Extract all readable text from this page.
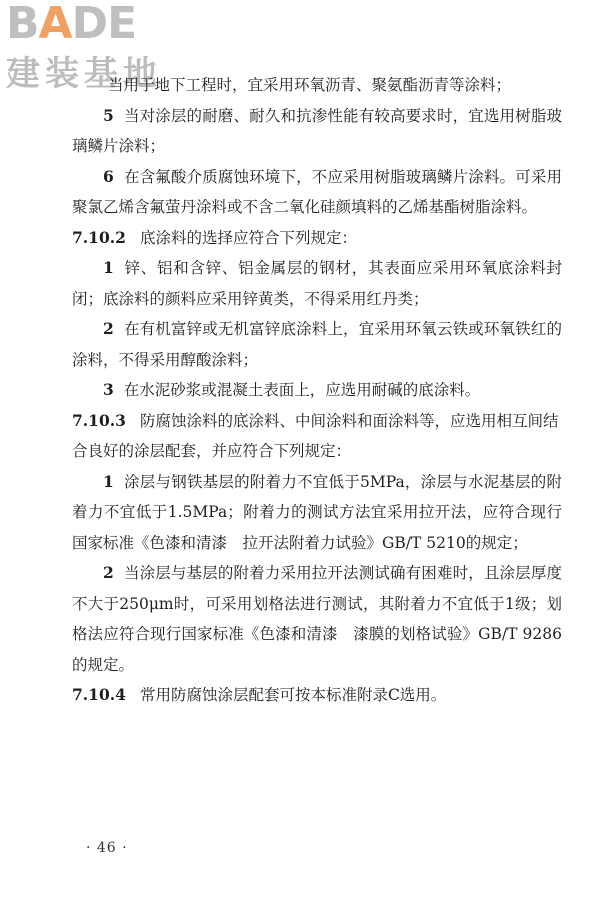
BADE
建装基地

当用于地下工程时，宜采用环氧沥青、聚氨酯沥青等涂料；

5 当对涂层的耐磨、耐久和抗渗性能有较高要求时，宜选用树脂玻璃鳞片涂料；

6 在含氟酸介质腐蚀环境下，不应采用树脂玻璃鳞片涂料。可采用聚氯乙烯含氟萤丹涂料或不含二氧化硅颜填料的乙烯基酯树脂涂料。

7.10.2 底涂料的选择应符合下列规定：

1 锌、铝和含锌、铝金属层的钢材，其表面应采用环氧底涂料封闭；底涂料的颜料应采用锌黄类，不得采用红丹类；

2 在有机富锌或无机富锌底涂料上，宜采用环氧云铁或环氧铁红的涂料，不得采用醇酸涂料；

3 在水泥砂浆或混凝土表面上，应选用耐碱的底涂料。

7.10.3 防腐蚀涂料的底涂料、中间涂料和面涂料等，应选用相互间结合良好的涂层配套，并应符合下列规定：

1 涂层与钢铁基层的附着力不宜低于5MPa，涂层与水泥基层的附着力不宜低于1.5MPa；附着力的测试方法宜采用拉开法，应符合现行国家标准《色漆和清漆　拉开法附着力试验》GB/T 5210的规定；

2 当涂层与基层的附着力采用拉开法测试确有困难时，且涂层厚度不大于250μm时，可采用划格法进行测试，其附着力不宜低于1级；划格法应符合现行国家标准《色漆和清漆　漆膜的划格试验》GB/T 9286的规定。

7.10.4 常用防腐蚀涂层配套可按本标准附录C选用。

· 46 ·
